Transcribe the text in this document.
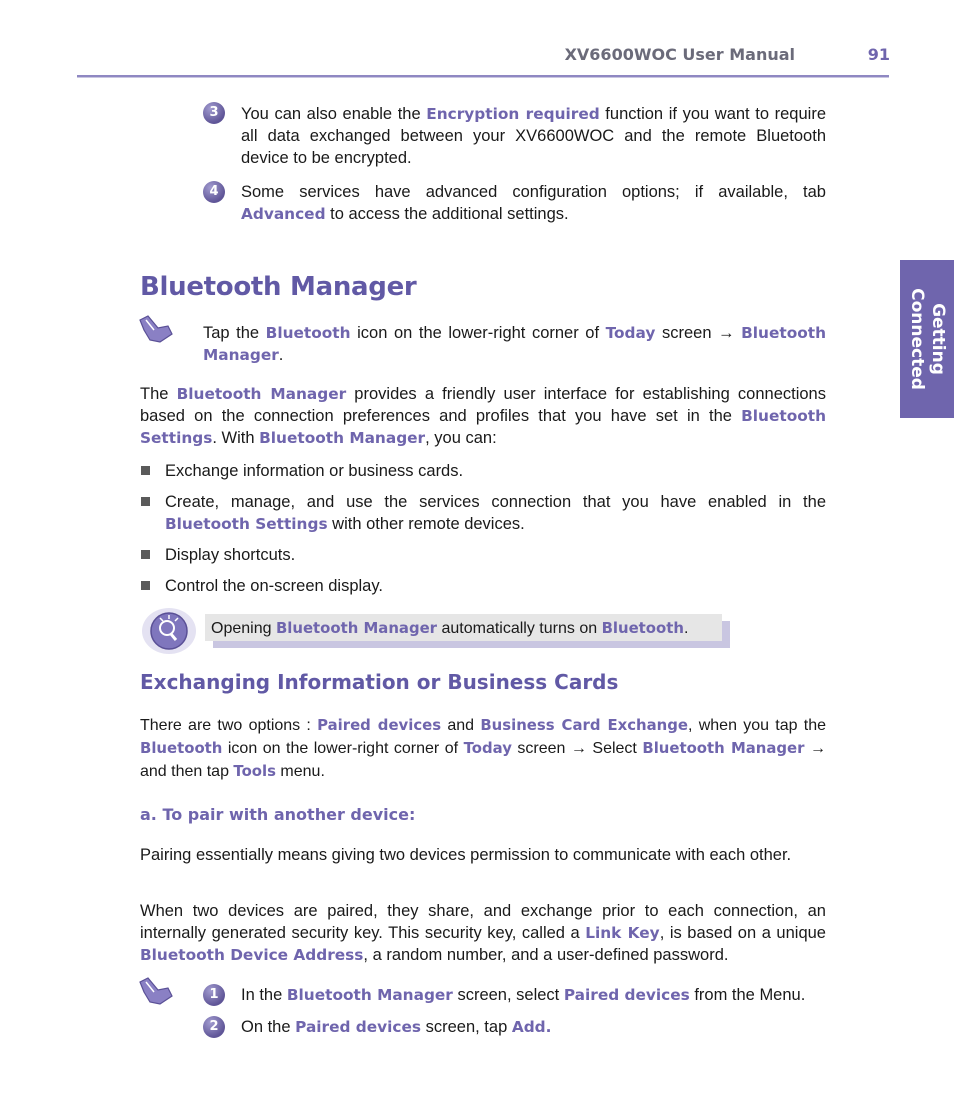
XV6600WOC User Manual	91
Getting
Connected
3	You can also enable the Encryption required function if you want to require all data exchanged between your XV6600WOC and the remote Bluetooth device to be encrypted.
4	Some services have advanced configuration options; if available, tab Advanced to access the additional settings.
Bluetooth Manager
Tap the Bluetooth icon on the lower-right corner of Today screen → Bluetooth Manager.
The Bluetooth Manager provides a friendly user interface for establishing connections based on the connection preferences and profiles that you have set in the Bluetooth Settings. With Bluetooth Manager, you can:
Exchange information or business cards.
Create, manage, and use the services connection that you have enabled in the Bluetooth Settings with other remote devices.
Display shortcuts.
Control the on-screen display.
Opening Bluetooth Manager automatically turns on Bluetooth.
Exchanging Information or Business Cards
There are two options : Paired devices and Business Card Exchange, when you tap the Bluetooth icon on the lower-right corner of Today screen → Select Bluetooth Manager → and then tap Tools menu.
a. To pair with another device:
Pairing essentially means giving two devices permission to communicate with each other.
When two devices are paired, they share, and exchange prior to each connection, an internally generated security key. This security key, called a Link Key, is based on a unique Bluetooth Device Address, a random number, and a user-defined password.
1	In the Bluetooth Manager screen, select Paired devices from the Menu.
2	On the Paired devices screen, tap Add.
